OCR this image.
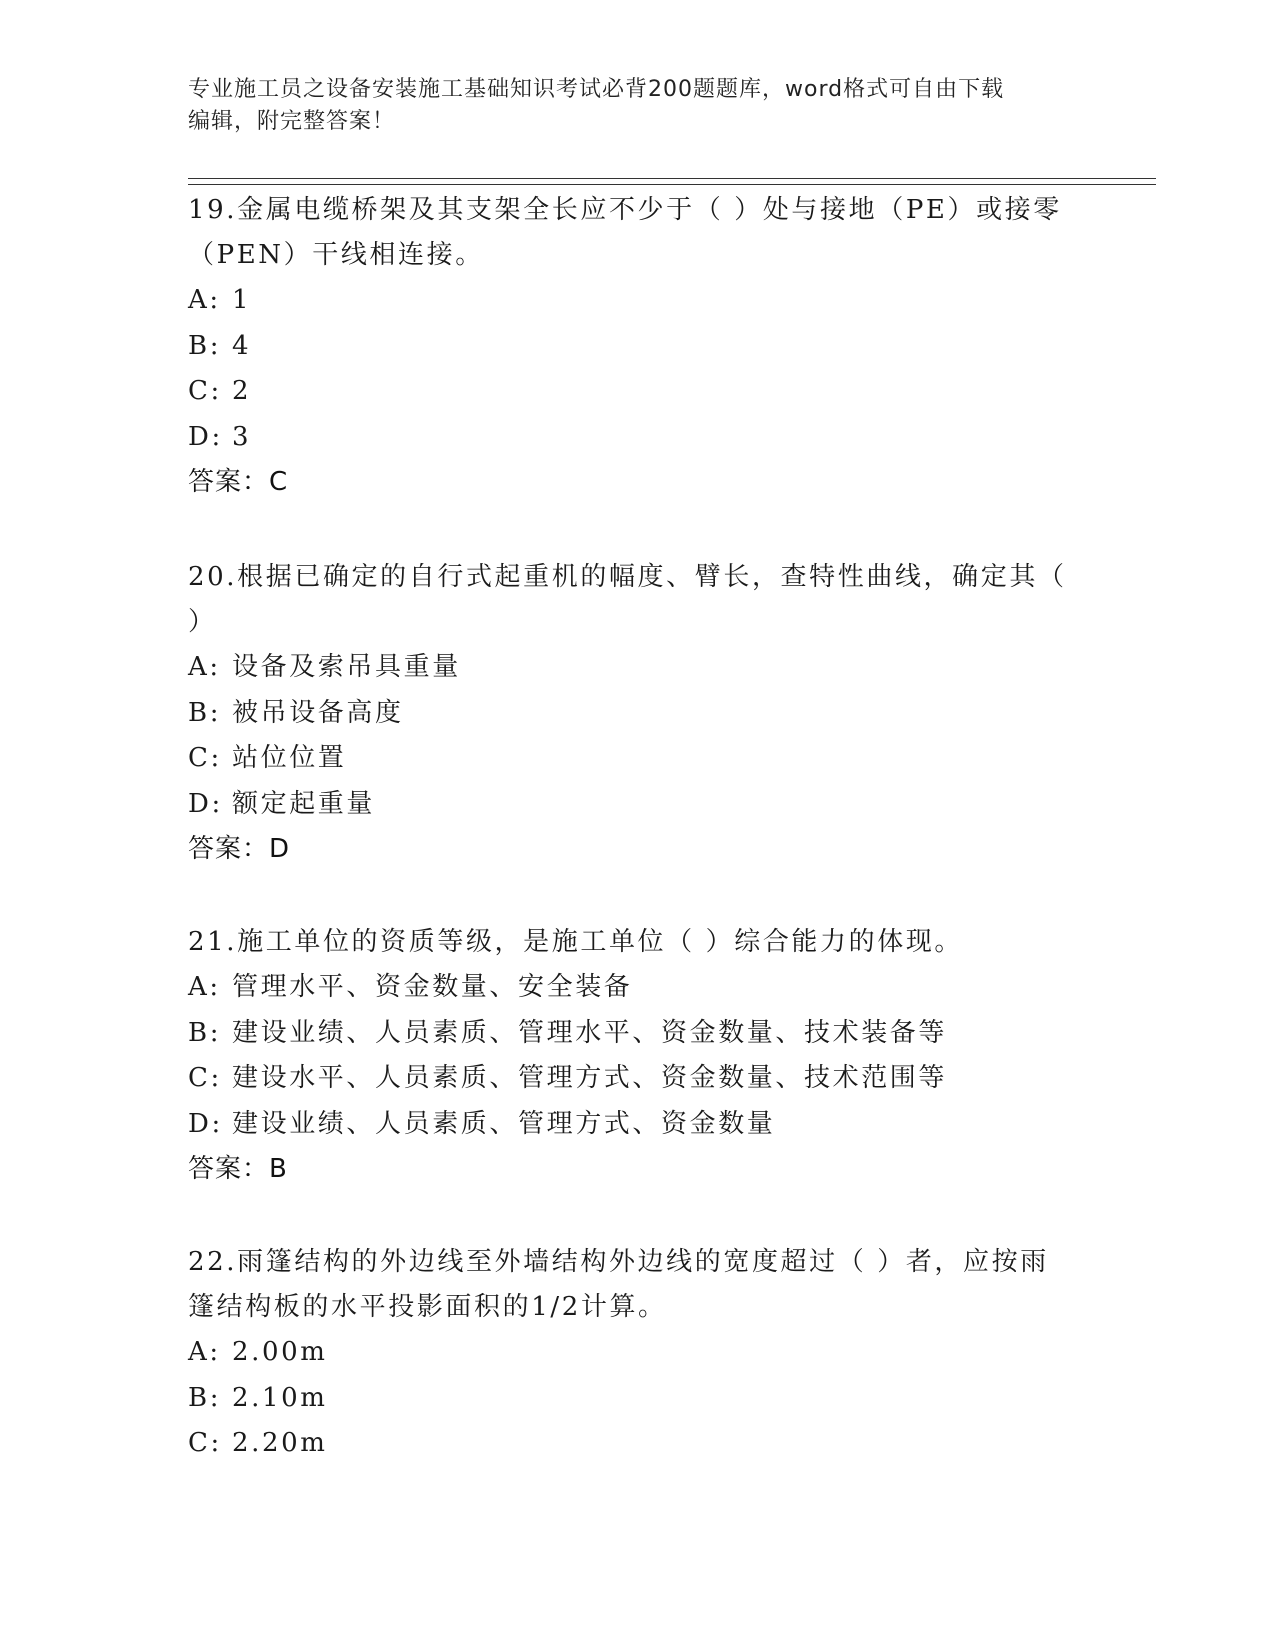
专业施工员之设备安装施工基础知识考试必背200题题库，word格式可自由下载
编辑，附完整答案！

19.金属电缆桥架及其支架全长应不少于（ ）处与接地（PE）或接零
（PEN）干线相连接。

A: 1

B: 4

C: 2

D: 3

答案：C

20.根据已确定的自行式起重机的幅度、臂长，查特性曲线，确定其（
）

A: 设备及索吊具重量

B: 被吊设备高度

C: 站位位置

D: 额定起重量

答案：D

21.施工单位的资质等级，是施工单位（ ）综合能力的体现。

A: 管理水平、资金数量、安全装备

B: 建设业绩、人员素质、管理水平、资金数量、技术装备等

C: 建设水平、人员素质、管理方式、资金数量、技术范围等

D: 建设业绩、人员素质、管理方式、资金数量

答案：B

22.雨篷结构的外边线至外墙结构外边线的宽度超过（ ）者，应按雨
篷结构板的水平投影面积的1/2计算。

A: 2.00m

B: 2.10m

C: 2.20m
